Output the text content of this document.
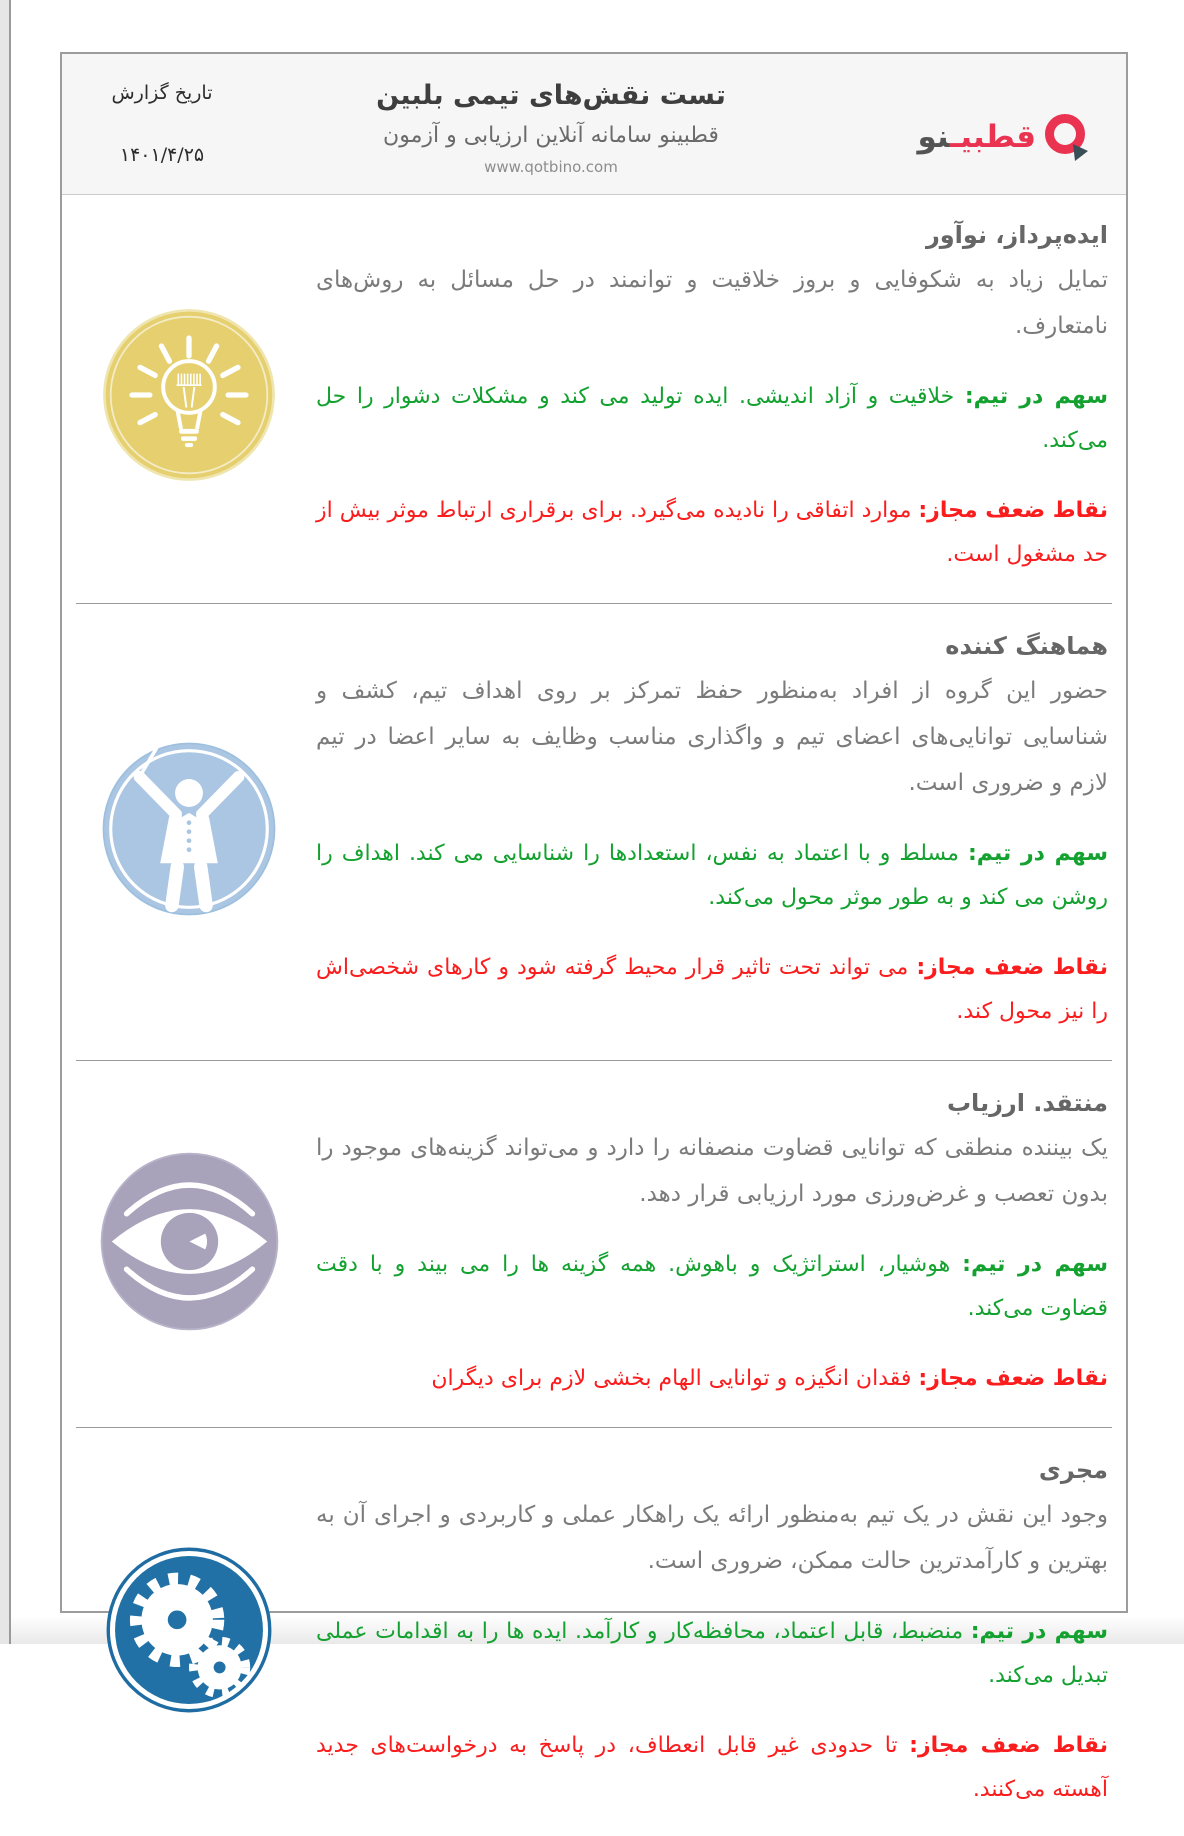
قطبیـنو
تست نقش‌های تیمی بلبین
قطبینو سامانه آنلاین ارزیابی و آزمون
www.qotbino.com
تاریخ گزارش
۱۴۰۱/۴/۲۵
ایده‌پرداز، نوآور

تمایل زیاد به شکوفایی و بروز خلاقیت و توانمند در حل مسائل به روش‌های نامتعارف.

سهم در تیم: خلاقیت و آزاد اندیشی. ایده تولید می کند و مشکلات دشوار را حل می‌کند.

نقاط ضعف مجاز: موارد اتفاقی را نادیده می‌گیرد. برای برقراری ارتباط موثر بیش از حد مشغول است.

هماهنگ کننده

حضور این گروه از افراد به‌منظور حفظ تمرکز بر روی اهداف تیم، کشف و شناسایی توانایی‌های اعضای تیم و واگذاری مناسب وظایف به سایر اعضا در تیم لازم و ضروری است.

سهم در تیم: مسلط و با اعتماد به نفس، استعدادها را شناسایی می کند. اهداف را روشن می کند و به طور موثر محول می‌کند.

نقاط ضعف مجاز: می تواند تحت تاثیر قرار محیط گرفته شود و کارهای شخصی‌اش را نیز محول کند.

منتقد. ارزیاب

یک بیننده منطقی که توانایی قضاوت منصفانه را دارد و می‌تواند گزینه‌های موجود را بدون تعصب و غرض‌ورزی مورد ارزیابی قرار دهد.

سهم در تیم: هوشیار، استراتژیک و باهوش. همه گزینه ها را می بیند و با دقت قضاوت می‌کند.

نقاط ضعف مجاز: فقدان انگیزه و توانایی الهام بخشی لازم برای دیگران

مجری

وجود این نقش در یک تیم به‌منظور ارائه یک راهکار عملی و کاربردی و اجرای آن به بهترین و کارآمدترین حالت ممکن، ضروری است.

سهم در تیم: منضبط، قابل اعتماد، محافظه‌کار و کارآمد. ایده ها را به اقدامات عملی تبدیل می‌کند.

نقاط ضعف مجاز: تا حدودی غیر قابل انعطاف، در پاسخ به درخواست‌های جدید آهسته می‌کنند.
